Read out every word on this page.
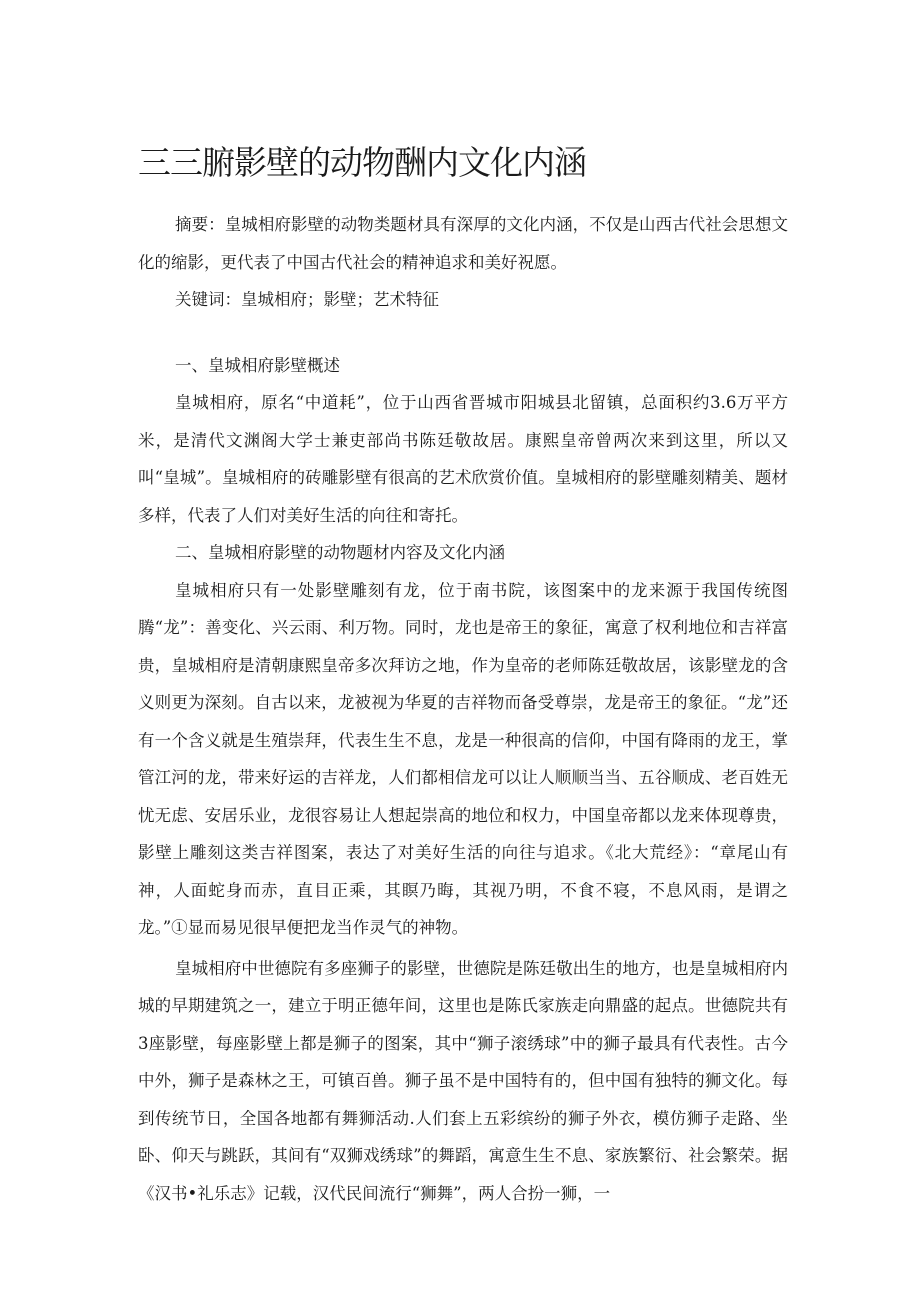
三三腑影壁的动物酬内文化内涵

摘要：皇城相府影壁的动物类题材具有深厚的文化内涵，不仅是山西古代社会思想文化的缩影，更代表了中国古代社会的精神追求和美好祝愿。

关键词：皇城相府；影壁；艺术特征

一、皇城相府影壁概述

皇城相府，原名“中道耗”，位于山西省晋城市阳城县北留镇，总面积约3.6万平方米，是清代文渊阁大学士兼吏部尚书陈廷敬故居。康熙皇帝曾两次来到这里，所以又叫“皇城”。皇城相府的砖雕影壁有很高的艺术欣赏价值。皇城相府的影壁雕刻精美、题材多样，代表了人们对美好生活的向往和寄托。

二、皇城相府影壁的动物题材内容及文化内涵

皇城相府只有一处影壁雕刻有龙，位于南书院，该图案中的龙来源于我国传统图腾“龙”：善变化、兴云雨、利万物。同时，龙也是帝王的象征，寓意了权利地位和吉祥富贵，皇城相府是清朝康熙皇帝多次拜访之地，作为皇帝的老师陈廷敬故居，该影壁龙的含义则更为深刻。自古以来，龙被视为华夏的吉祥物而备受尊崇，龙是帝王的象征。“龙”还有一个含义就是生殖崇拜，代表生生不息，龙是一种很高的信仰，中国有降雨的龙王，掌管江河的龙，带来好运的吉祥龙，人们都相信龙可以让人顺顺当当、五谷顺成、老百姓无忧无虑、安居乐业，龙很容易让人想起崇高的地位和权力，中国皇帝都以龙来体现尊贵，影壁上雕刻这类吉祥图案，表达了对美好生活的向往与追求。《北大荒经》：“章尾山有神，人面蛇身而赤，直目正乘，其瞑乃晦，其视乃明，不食不寝，不息风雨，是谓之龙。”①显而易见很早便把龙当作灵气的神物。

皇城相府中世德院有多座狮子的影壁，世德院是陈廷敬出生的地方，也是皇城相府内城的早期建筑之一，建立于明正德年间，这里也是陈氏家族走向鼎盛的起点。世德院共有3座影壁，每座影壁上都是狮子的图案，其中“狮子滚绣球”中的狮子最具有代表性。古今中外，狮子是森林之王，可镇百兽。狮子虽不是中国特有的，但中国有独特的狮文化。每到传统节日，全国各地都有舞狮活动.人们套上五彩缤纷的狮子外衣，模仿狮子走路、坐卧、仰天与跳跃，其间有“双狮戏绣球”的舞蹈，寓意生生不息、家族繁衍、社会繁荣。据《汉书•礼乐志》记载，汉代民间流行“狮舞”，两人合扮一狮，一
